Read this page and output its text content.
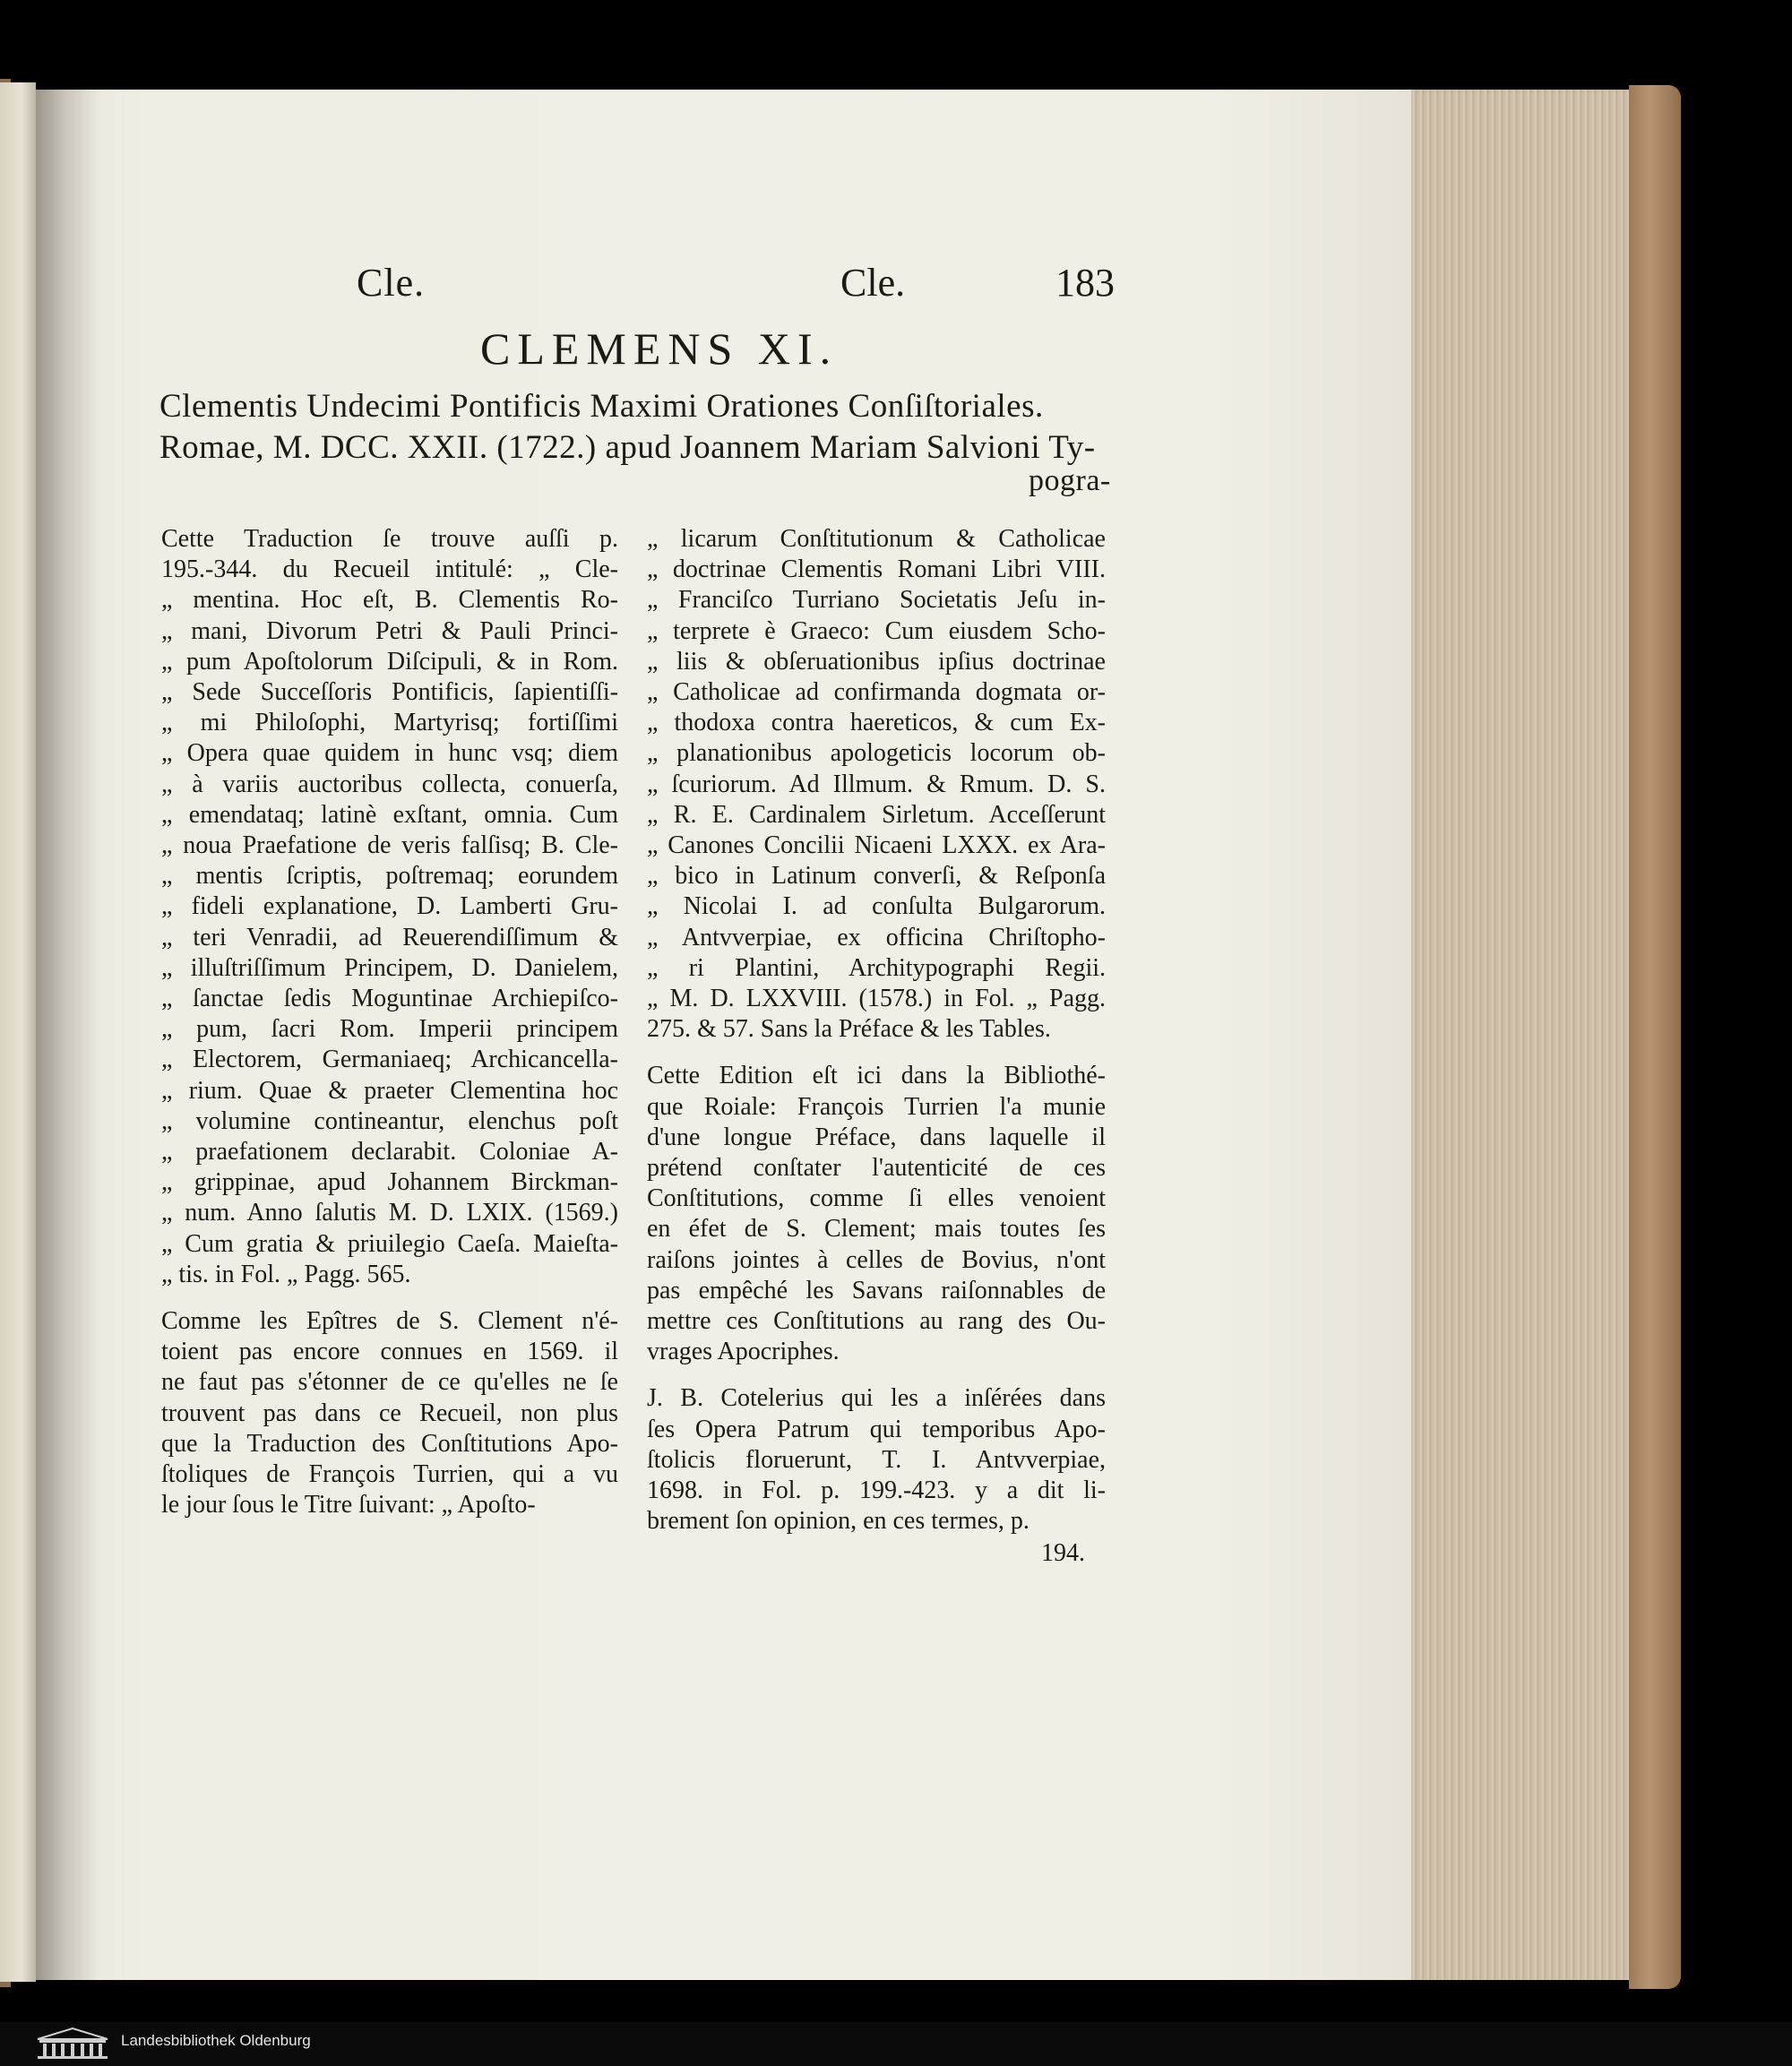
Cle.	Cle.	183
CLEMENS XI.
Clementis Undecimi Pontificis Maximi Orationes Conſiſtoriales.
Romae, M. DCC. XXII. (1722.) apud Joannem Mariam Salvioni Ty-
pogra-
Cette Traduction ſe trouve auſſi p.
195.-344. du Recueil intitulé: „ Cle-
„ mentina. Hoc eſt, B. Clementis Ro-
„ mani, Divorum Petri & Pauli Princi-
„ pum Apoſtolorum Diſcipuli, & in Rom.
„ Sede Succeſſoris Pontificis, ſapientiſſi-
„ mi Philoſophi, Martyrisq; fortiſſimi
„ Opera quae quidem in hunc vsq; diem
„ à variis auctoribus collecta, conuerſa,
„ emendataq; latinè exſtant, omnia. Cum
„ noua Praefatione de veris falſisq; B. Cle-
„ mentis ſcriptis, poſtremaq; eorundem
„ fideli explanatione, D. Lamberti Gru-
„ teri Venradii, ad Reuerendiſſimum &
„ illuſtriſſimum Principem, D. Danielem,
„ ſanctae ſedis Moguntinae Archiepiſco-
„ pum, ſacri Rom. Imperii principem
„ Electorem, Germaniaeq; Archicancella-
„ rium. Quae & praeter Clementina hoc
„ volumine contineantur, elenchus poſt
„ praefationem declarabit. Coloniae A-
„ grippinae, apud Johannem Birckman-
„ num. Anno ſalutis M. D. LXIX. (1569.)
„ Cum gratia & priuilegio Caeſa. Maieſta-
„ tis. in Fol. „ Pagg. 565.
Comme les Epîtres de S. Clement n'é-
toient pas encore connues en 1569. il
ne faut pas s'étonner de ce qu'elles ne ſe
trouvent pas dans ce Recueil, non plus
que la Traduction des Conſtitutions Apo-
ſtoliques de François Turrien, qui a vu
le jour ſous le Titre ſuivant: „ Apoſto-
„ licarum Conſtitutionum & Catholicae
„ doctrinae Clementis Romani Libri VIII.
„ Franciſco Turriano Societatis Jeſu in-
„ terprete è Graeco: Cum eiusdem Scho-
„ liis & obſeruationibus ipſius doctrinae
„ Catholicae ad confirmanda dogmata or-
„ thodoxa contra haereticos, & cum Ex-
„ planationibus apologeticis locorum ob-
„ ſcuriorum. Ad Illmum. & Rmum. D. S.
„ R. E. Cardinalem Sirletum. Acceſſerunt
„ Canones Concilii Nicaeni LXXX. ex Ara-
„ bico in Latinum converſi, & Reſponſa
„ Nicolai I. ad conſulta Bulgarorum.
„ Antvverpiae, ex officina Chriſtopho-
„ ri Plantini, Architypographi Regii.
„ M. D. LXXVIII. (1578.) in Fol. „ Pagg.
275. & 57. Sans la Préface & les Tables.
Cette Edition eſt ici dans la Bibliothé-
que Roiale: François Turrien l'a munie
d'une longue Préface, dans laquelle il
prétend conſtater l'autenticité de ces
Conſtitutions, comme ſi elles venoient
en éfet de S. Clement; mais toutes ſes
raiſons jointes à celles de Bovius, n'ont
pas empêché les Savans raiſonnables de
mettre ces Conſtitutions au rang des Ou-
vrages Apocriphes.
J. B. Cotelerius qui les a inſérées dans
ſes Opera Patrum qui temporibus Apo-
ſtolicis floruerunt, T. I. Antvverpiae,
1698. in Fol. p. 199.-423. y a dit li-
brement ſon opinion, en ces termes, p.
194.
Landesbibliothek Oldenburg
